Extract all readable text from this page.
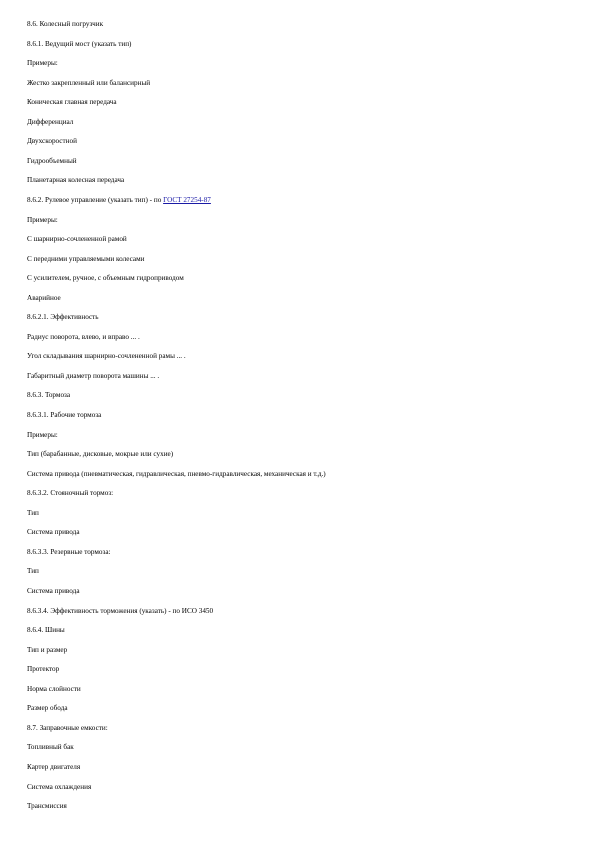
8.6. Колесный погрузчик

8.6.1. Ведущий мост (указать тип)

Примеры:

Жестко закрепленный или балансирный

Коническая главная передача

Дифференциал

Двухскоростной

Гидрообъемный

Планетарная колесная передача

8.6.2. Рулевое управление (указать тип) - по ГОСТ 27254-87

Примеры:

С шарнирно-сочлененной рамой

С передними управляемыми колесами

С усилителем, ручное, с объемным гидроприводом

Аварийное

8.6.2.1. Эффективность

Радиус поворота, влево, и вправо ... .

Угол складывания шарнирно-сочлененной рамы ... .

Габаритный диаметр поворота машины ... .

8.6.3. Тормоза

8.6.3.1. Рабочие тормоза

Примеры:

Тип (барабанные, дисковые, мокрые или сухие)

Система привода (пневматическая, гидравлическая, пневмо-гидравлическая, механическая и т.д.)

8.6.3.2. Стояночный тормоз:

Тип

Система привода

8.6.3.3. Резервные тормоза:

Тип

Система привода

8.6.3.4. Эффективность торможения (указать) - по ИСО 3450

8.6.4. Шины

Тип и размер

Протектор

Норма слойности

Размер обода

8.7. Заправочные емкости:

Топливный бак

Картер двигателя

Система охлаждения

Трансмиссия
